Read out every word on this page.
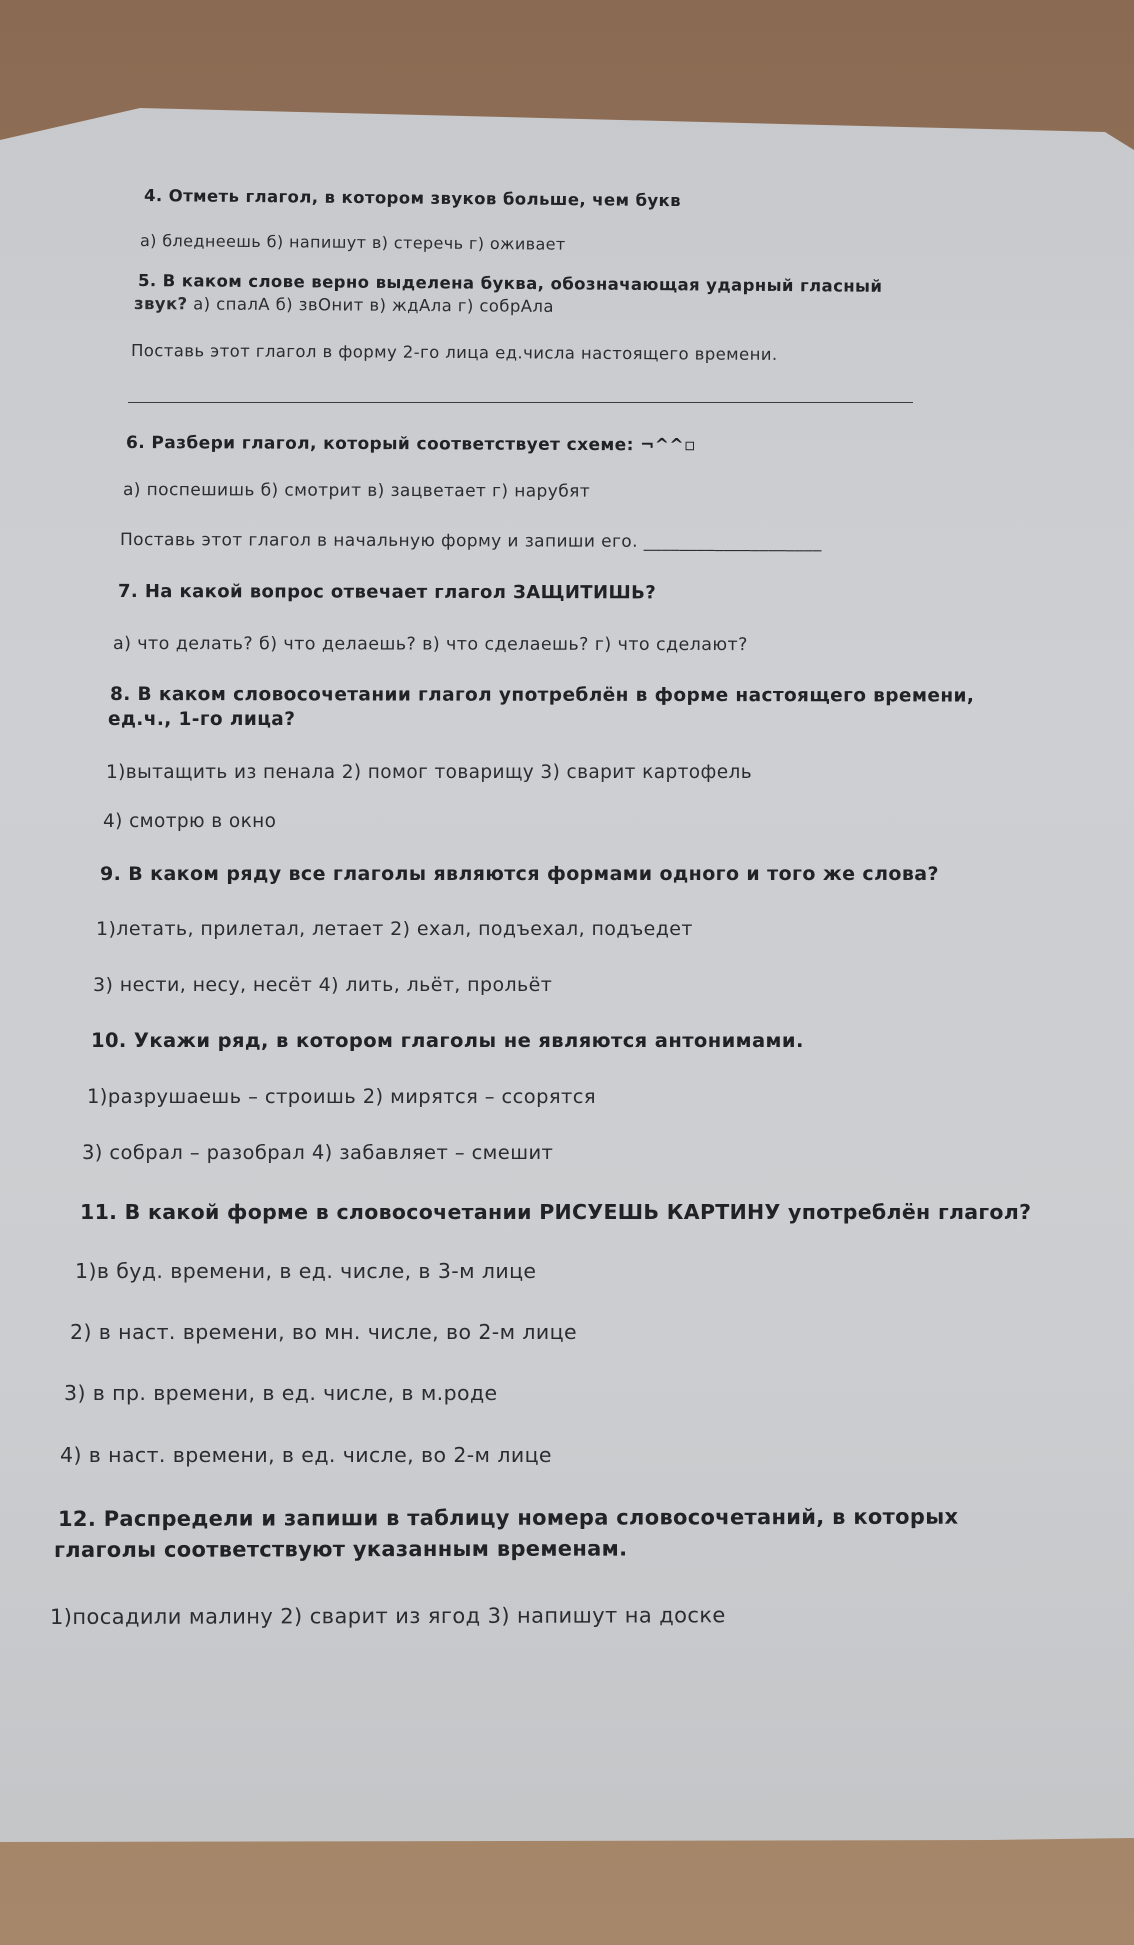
4. Отметь глагол, в котором звуков больше, чем букв
а) бледнеешь б) напишут в) стеречь г) оживает
5. В каком слове верно выделена буква, обозначающая ударный гласный
звук? а) спалА б) звОнит в) ждАла г) собрАла
Поставь этот глагол в форму 2-го лица ед.числа настоящего времени.
6. Разбери глагол, который соответствует схеме: ¬^^▫
а) поспешишь б) смотрит в) зацветает г) нарубят
Поставь этот глагол в начальную форму и запиши его. ____________________
7. На какой вопрос отвечает глагол ЗАЩИТИШЬ?
а) что делать? б) что делаешь? в) что сделаешь? г) что сделают?
8. В каком словосочетании глагол употреблён в форме настоящего времени,
ед.ч., 1-го лица?
1)вытащить из пенала 2) помог товарищу 3) сварит картофель
4) смотрю в окно
9. В каком ряду все глаголы являются формами одного и того же слова?
1)летать, прилетал, летает 2) ехал, подъехал, подъедет
3) нести, несу, несёт 4) лить, льёт, прольёт
10. Укажи ряд, в котором глаголы не являются антонимами.
1)разрушаешь – строишь 2) мирятся – ссорятся
3) собрал – разобрал 4) забавляет – смешит
11. В какой форме в словосочетании РИСУЕШЬ КАРТИНУ употреблён глагол?
1)в буд. времени, в ед. числе, в 3-м лице
2) в наст. времени, во мн. числе, во 2-м лице
3) в пр. времени, в ед. числе, в м.роде
4) в наст. времени, в ед. числе, во 2-м лице
12. Распредели и запиши в таблицу номера словосочетаний, в которых
глаголы соответствуют указанным временам.
1)посадили малину 2) сварит из ягод 3) напишут на доске
